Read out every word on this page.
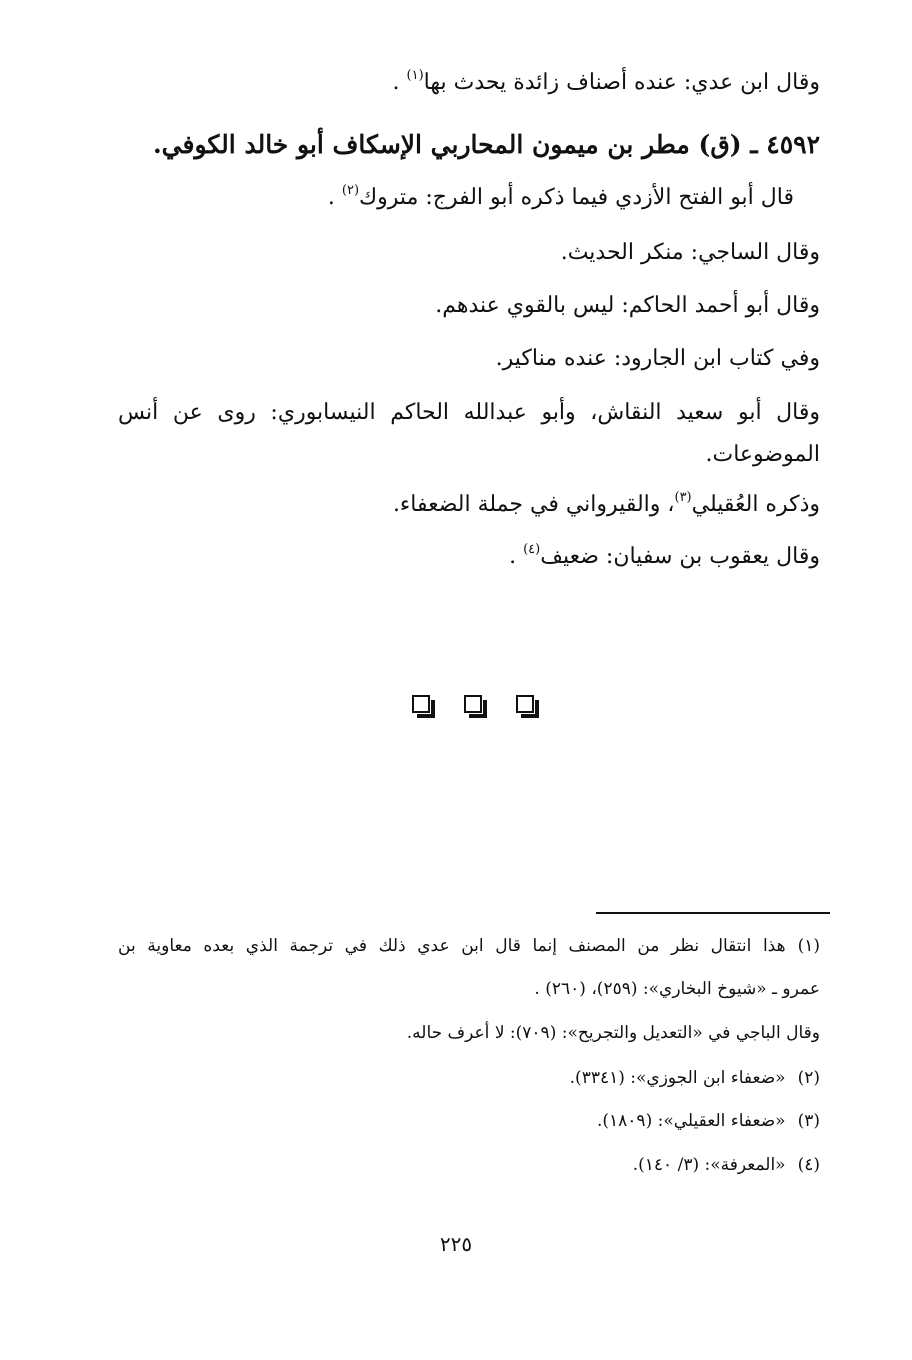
وقال ابن عدي: عنده أصناف زائدة يحدث بها$^{(١)}$ .
٤٥٩٢ ـ (ق) مطر بن ميمون المحاربي الإسكاف أبو خالد الكوفي.
قال أبو الفتح الأزدي فيما ذكره أبو الفرج: متروك$^{(٢)}$ .
وقال الساجي: منكر الحديث.
وقال أبو أحمد الحاكم: ليس بالقوي عندهم.
وفي كتاب ابن الجارود: عنده مناكير.
وقال أبو سعيد النقاش، وأبو عبدالله الحاكم النيسابوري: روى عن أنس
الموضوعات.
وذكره العُقيلي$^{(٣)}$، والقيرواني في جملة الضعفاء.
وقال يعقوب بن سفيان: ضعيف$^{(٤)}$ .
(١)هذا انتقال نظر من المصنف إنما قال ابن عدي ذلك في ترجمة الذي بعده معاوية بن
عمرو ـ «شيوخ البخاري»: (٢٥٩)، (٢٦٠) .
وقال الباجي في «التعديل والتجريح»: (٧٠٩): لا أعرف حاله.
(٢)«ضعفاء ابن الجوزي»: (٣٣٤١).
(٣)«ضعفاء العقيلي»: (١٨٠٩).
(٤)«المعرفة»: (٣/ ١٤٠).
٢٢٥
